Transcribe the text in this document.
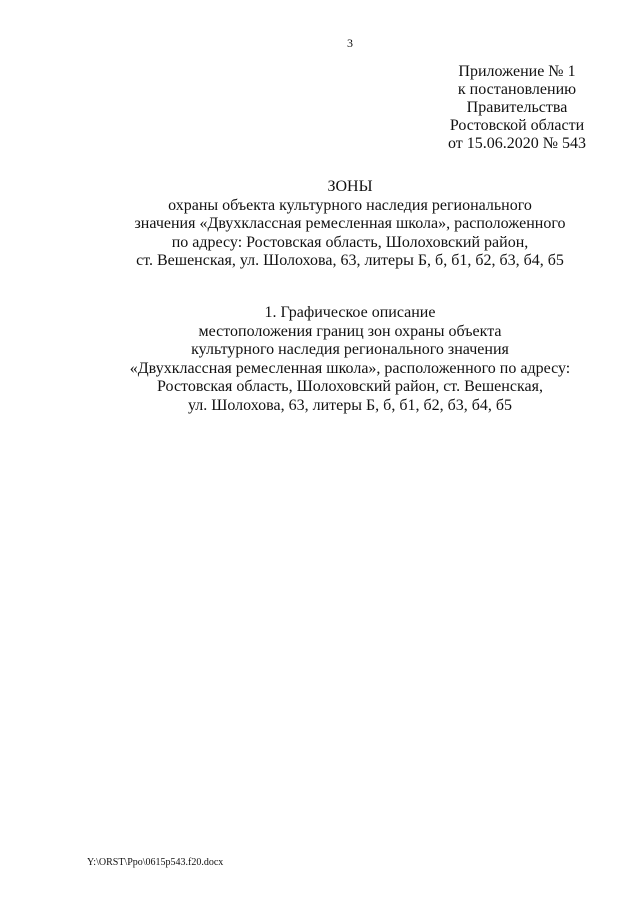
3
Приложение № 1
к постановлению
Правительства
Ростовской области
от 15.06.2020 № 543
ЗОНЫ
охраны объекта культурного наследия регионального
значения «Двухклассная ремесленная школа», расположенного
по адресу: Ростовская область, Шолоховский район,
ст. Вешенская, ул. Шолохова, 63, литеры Б, б, б1, б2, б3, б4, б5
1. Графическое описание
местоположения границ зон охраны объекта
культурного наследия регионального значения
«Двухклассная ремесленная школа», расположенного по адресу:
Ростовская область, Шолоховский район, ст. Вешенская,
ул. Шолохова, 63, литеры Б, б, б1, б2, б3, б4, б5
Y:\ORST\Ppo\0615p543.f20.docx
